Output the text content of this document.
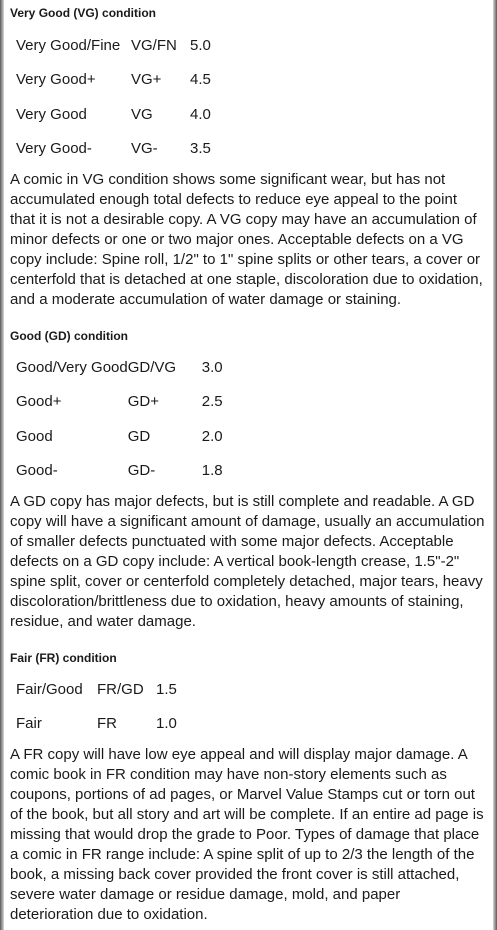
Very Good (VG) condition
Very Good/Fine	VG/FN	5.0
Very Good+	VG+	4.5
Very Good	VG	4.0
Very Good-	VG-	3.5

A comic in VG condition shows some significant wear, but has not accumulated enough total defects to reduce eye appeal to the point that it is not a desirable copy. A VG copy may have an accumulation of minor defects or one or two major ones. Acceptable defects on a VG copy include: Spine roll, 1/2" to 1" spine splits or other tears, a cover or centerfold that is detached at one staple, discoloration due to oxidation, and a moderate accumulation of water damage or staining.

Good (GD) condition
Good/Very Good	GD/VG	3.0
Good+	GD+	2.5
Good	GD	2.0
Good-	GD-	1.8

A GD copy has major defects, but is still complete and readable. A GD copy will have a significant amount of damage, usually an accumulation of smaller defects punctuated with some major defects. Acceptable defects on a GD copy include: A vertical book-length crease, 1.5"-2" spine split, cover or centerfold completely detached, major tears, heavy discoloration/brittleness due to oxidation, heavy amounts of staining, residue, and water damage.

Fair (FR) condition
Fair/Good	FR/GD	1.5
Fair	FR	1.0

A FR copy will have low eye appeal and will display major damage. A comic book in FR condition may have non-story elements such as coupons, portions of ad pages, or Marvel Value Stamps cut or torn out of the book, but all story and art will be complete. If an entire ad page is missing that would drop the grade to Poor. Types of damage that place a comic in FR range include: A spine split of up to 2/3 the length of the book, a missing back cover provided the front cover is still attached, severe water damage or residue damage, mold, and paper deterioration due to oxidation.
